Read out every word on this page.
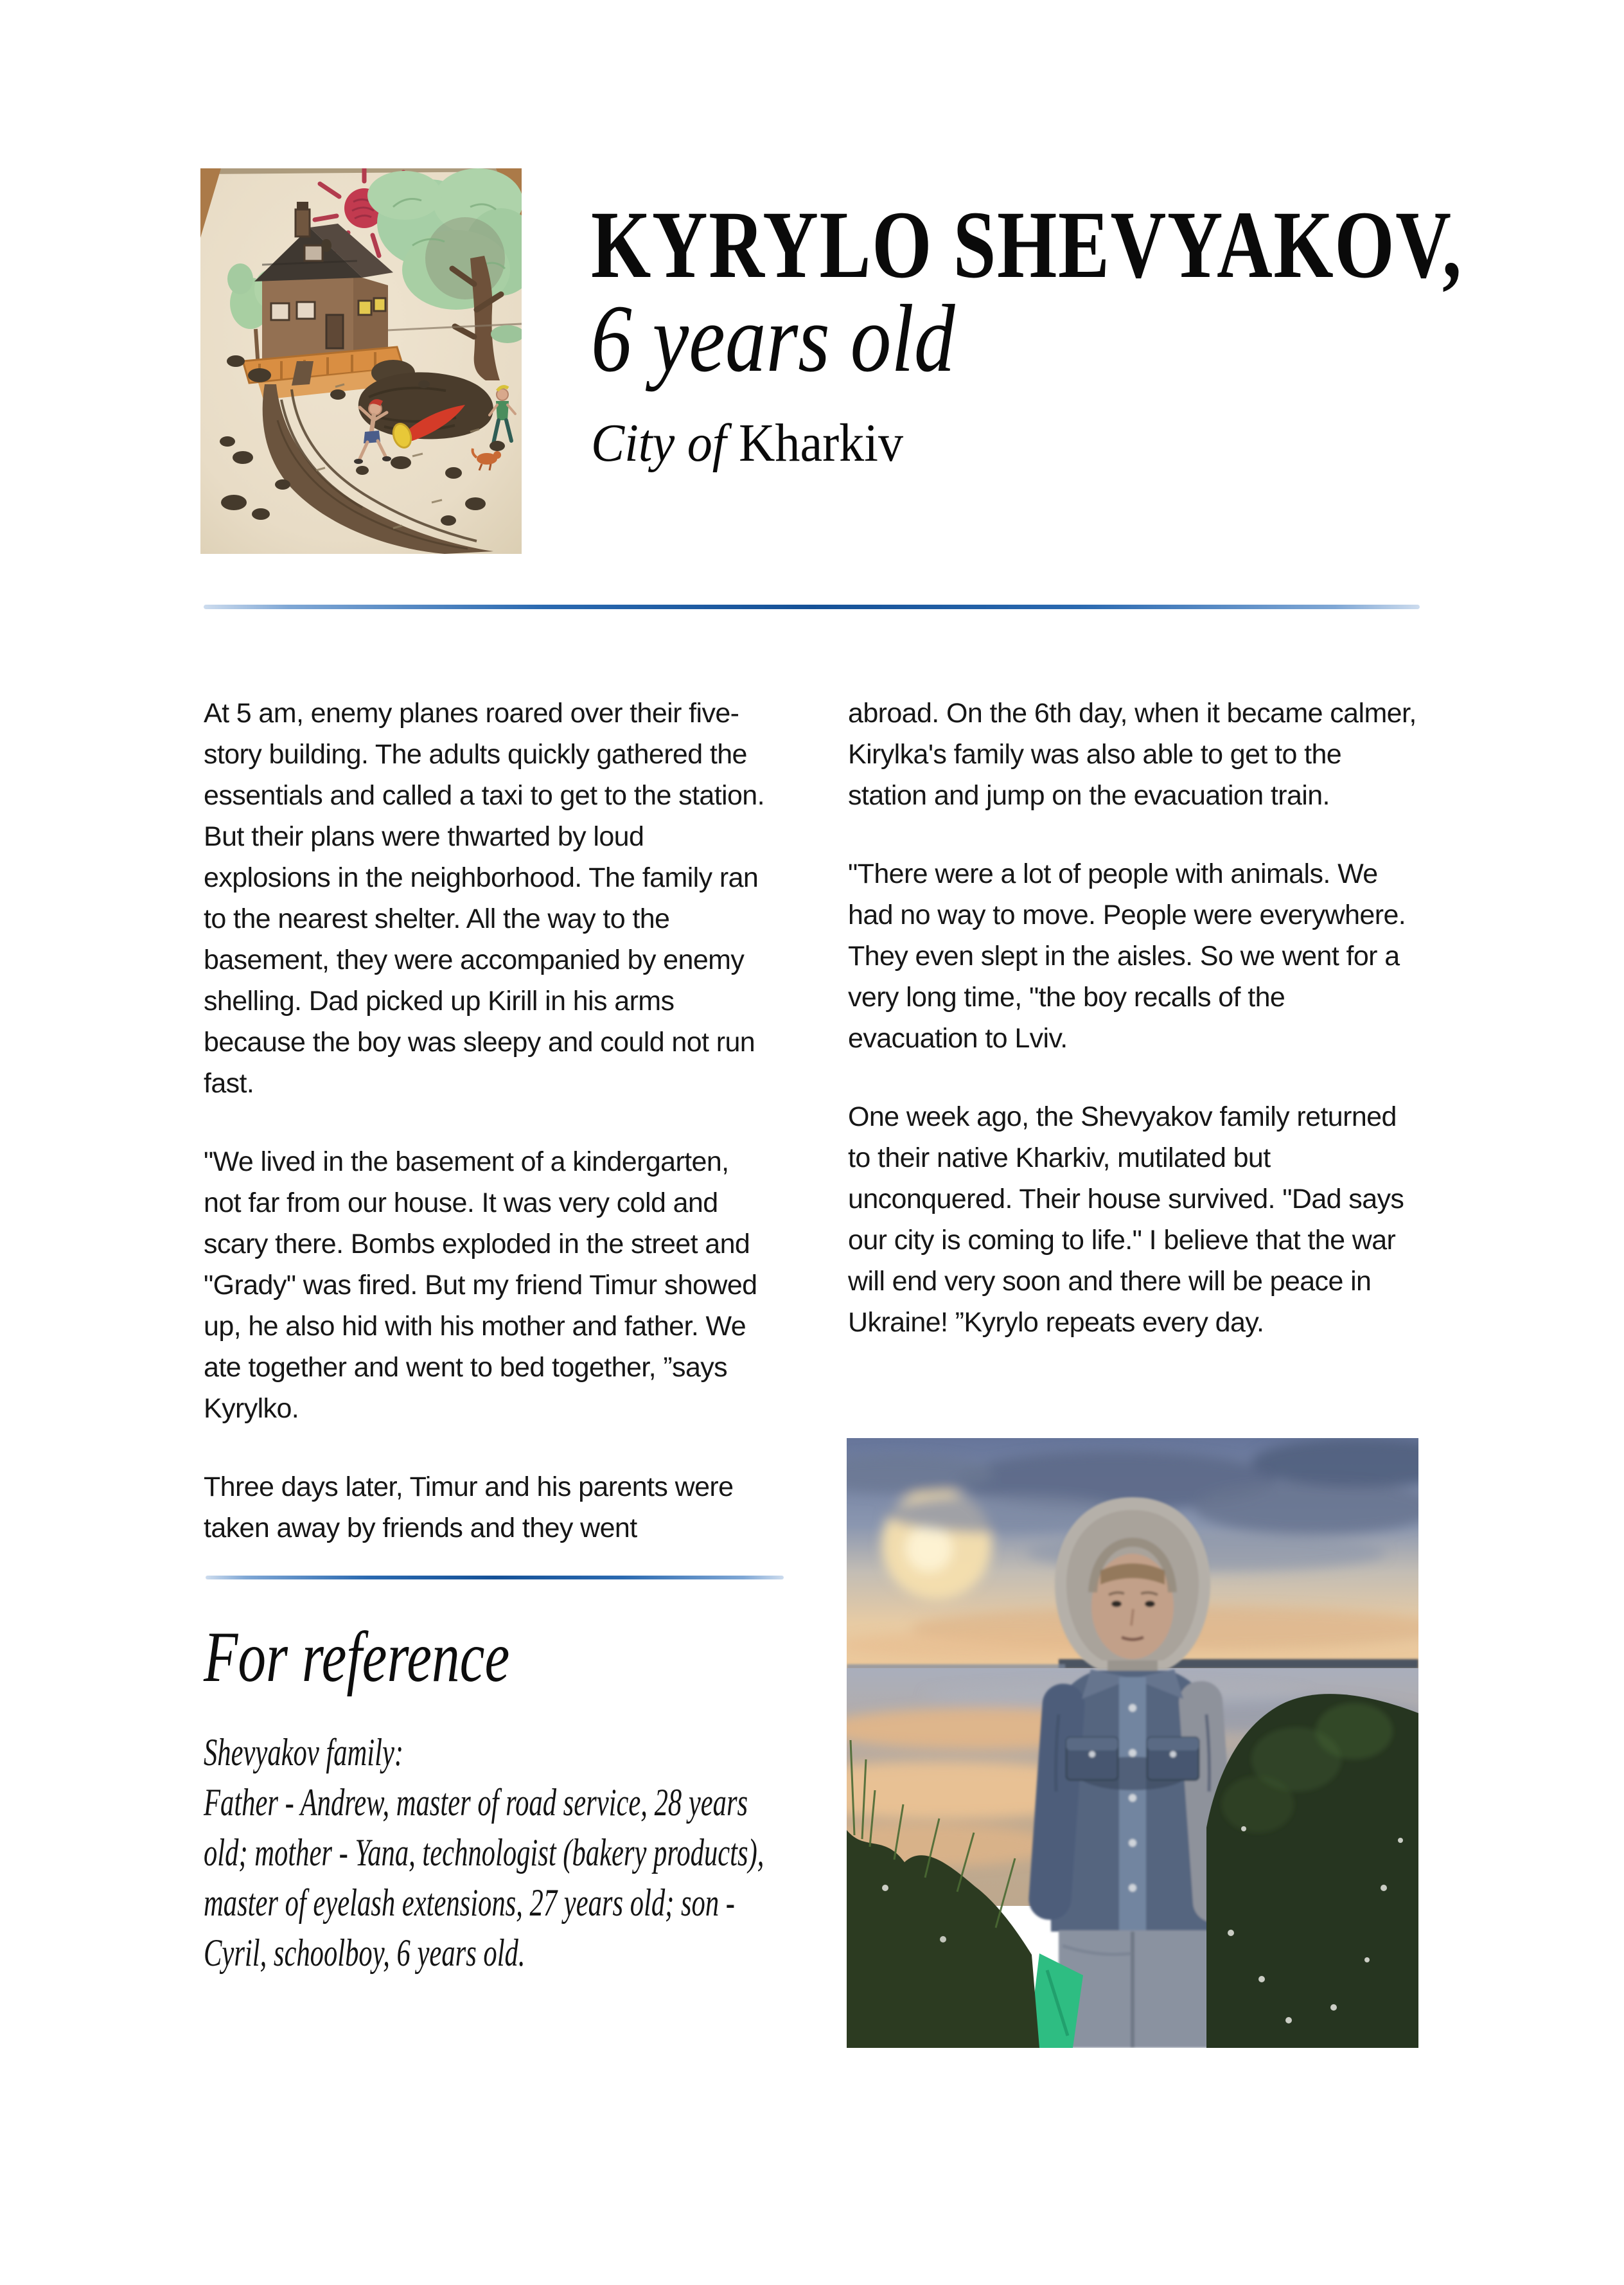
KYRYLO SHEVYAKOV,
6 years old
City of Kharkiv

At 5 am, enemy planes roared over their five-story building. The adults quickly gathered the essentials and called a taxi to get to the station. But their plans were thwarted by loud explosions in the neighborhood. The family ran to the nearest shelter. All the way to the basement, they were accompanied by enemy shelling. Dad picked up Kirill in his arms because the boy was sleepy and could not run fast.

"We lived in the basement of a kindergarten, not far from our house. It was very cold and scary there. Bombs exploded in the street and "Grady" was fired. But my friend Timur showed up, he also hid with his mother and father. We ate together and went to bed together, ”says Kyrylko.

Three days later, Timur and his parents were taken away by friends and they went

abroad. On the 6th day, when it became calmer, Kirylka's family was also able to get to the station and jump on the evacuation train.

"There were a lot of people with animals. We had no way to move. People were everywhere. They even slept in the aisles. So we went for a very long time, "the boy recalls of the evacuation to Lviv.

One week ago, the Shevyakov family returned to their native Kharkiv, mutilated but unconquered. Their house survived. "Dad says our city is coming to life." I believe that the war will end very soon and there will be peace in Ukraine! ”Kyrylo repeats every day.

For reference
Shevyakov family:
Father - Andrew, master of road service, 28 years old; mother - Yana, technologist (bakery products), master of eyelash extensions, 27 years old; son - Cyril, schoolboy, 6 years old.
